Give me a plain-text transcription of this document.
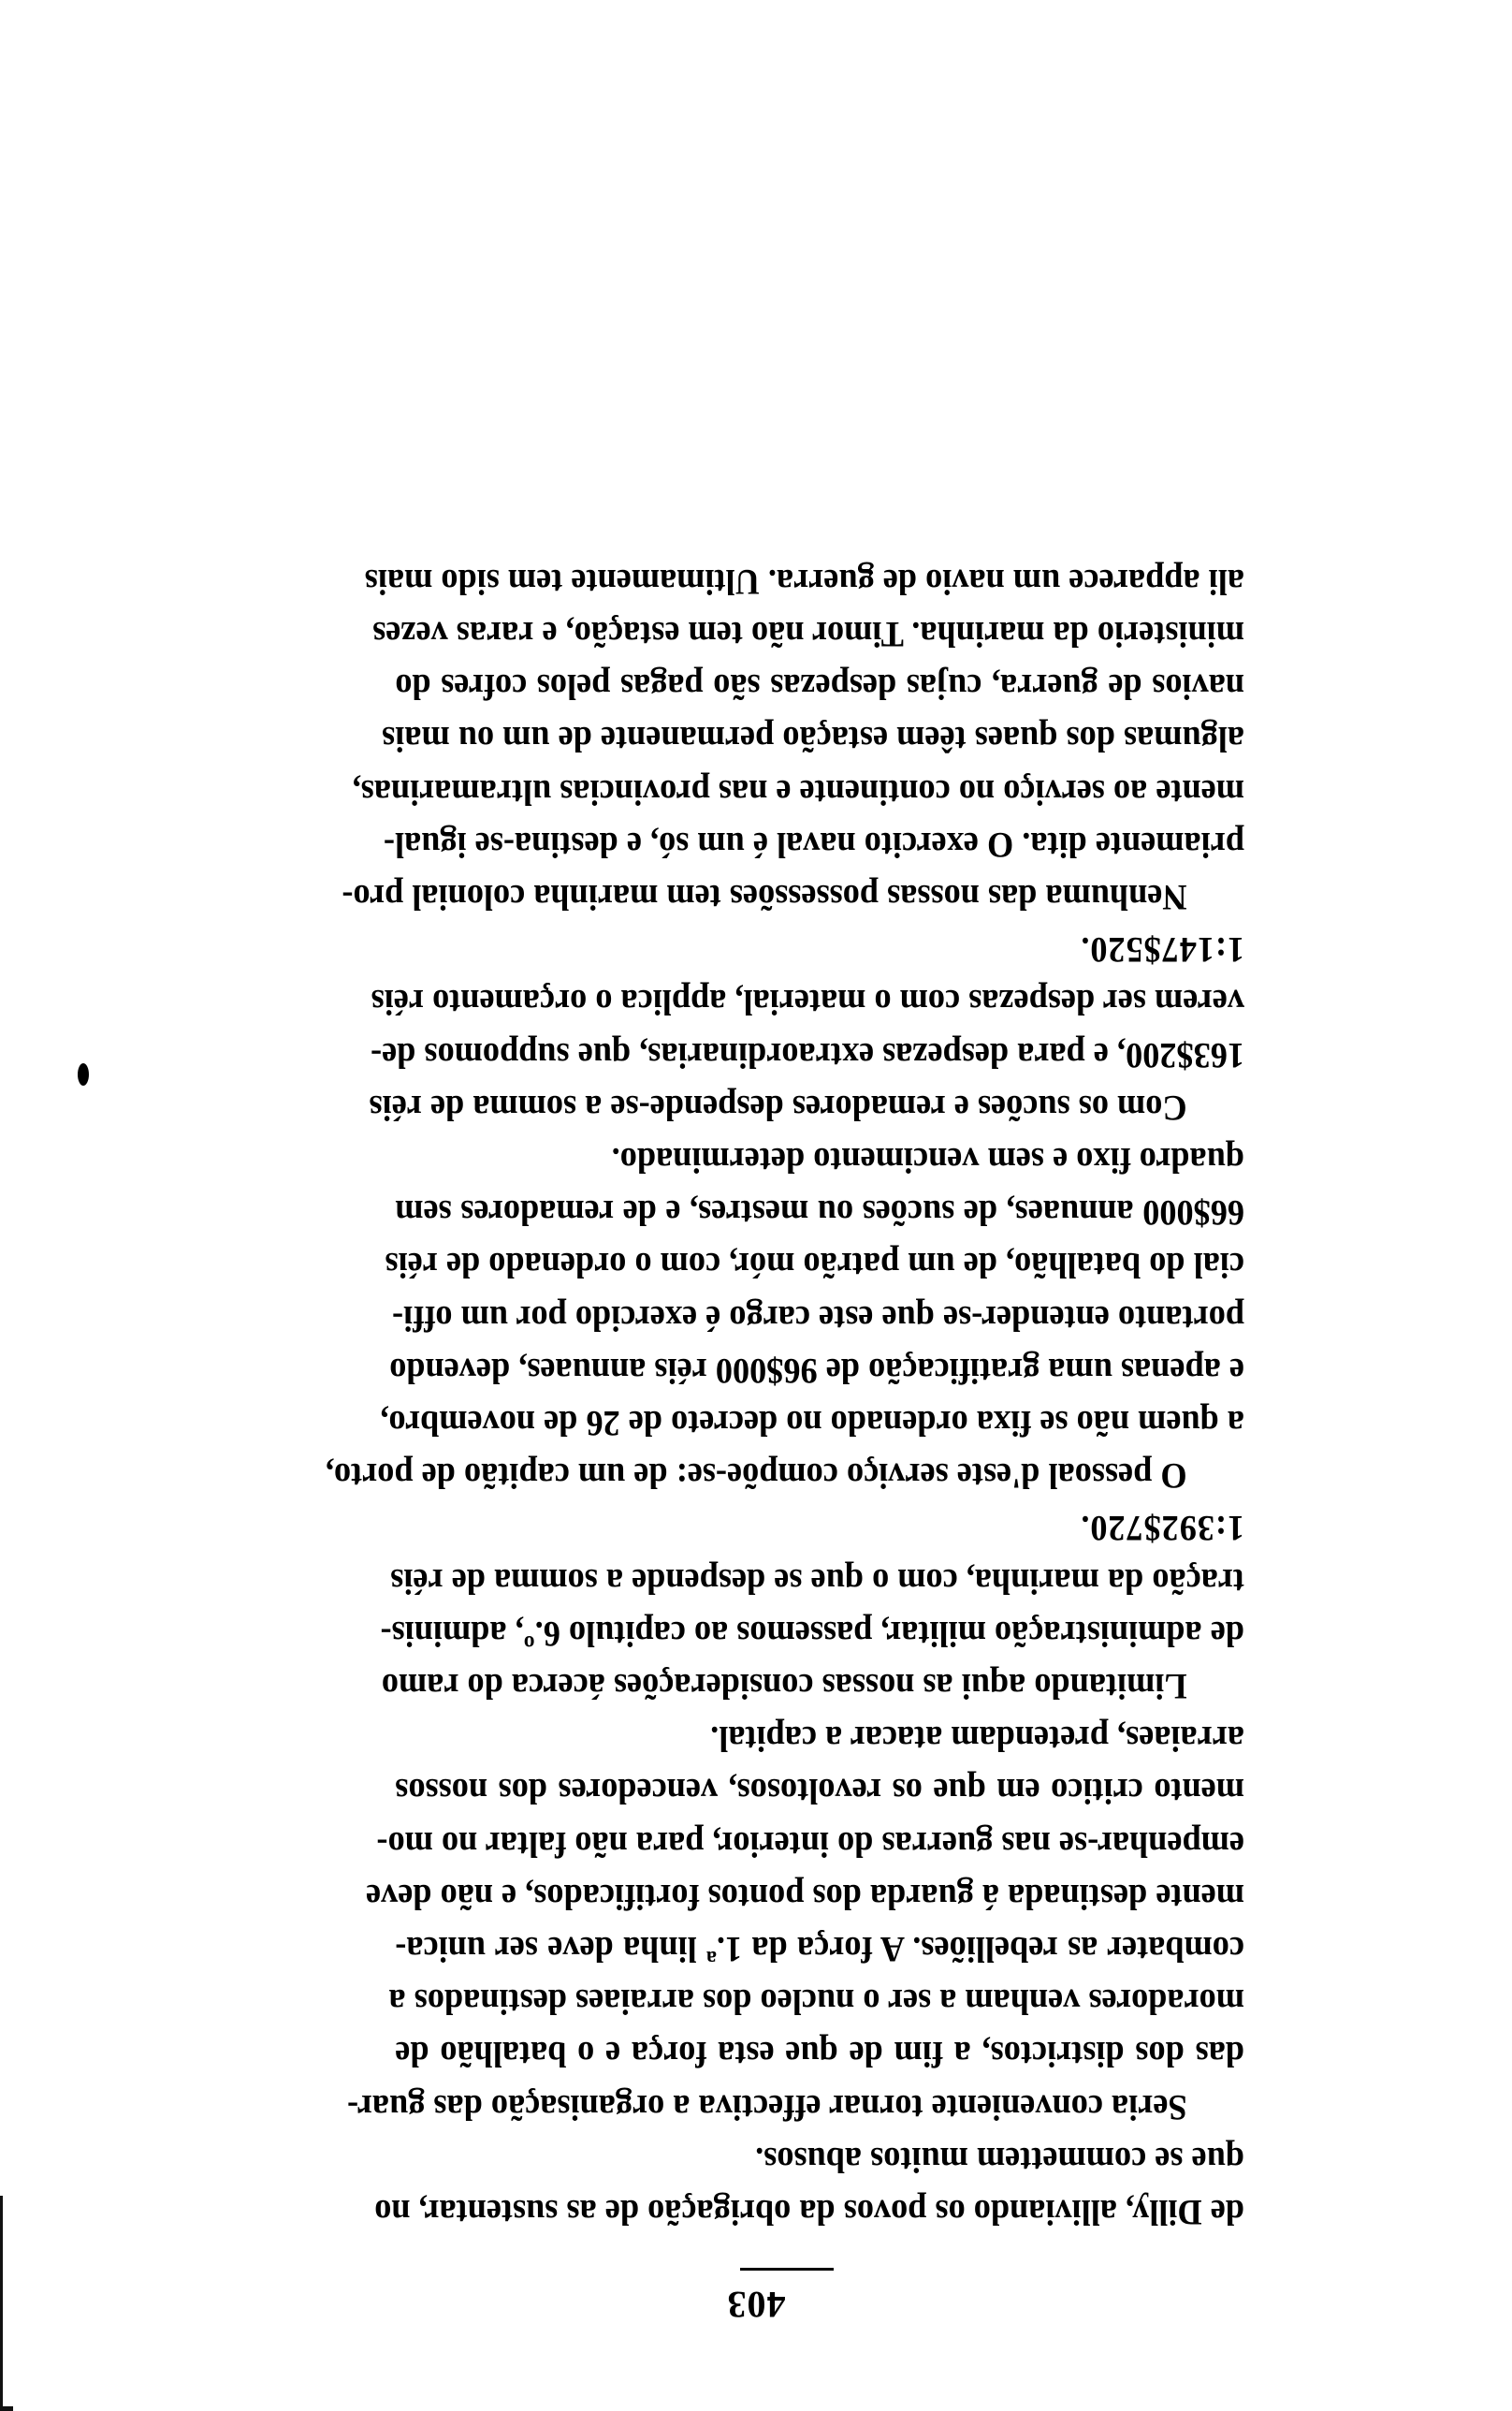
403
de Dilly, alliviando os povos da obrigação de as sustentar, no
que se commettem muitos abusos.
Seria conveniente tornar effectiva a organisação das guar-
das dos districtos, a fim de que esta força e o batalhão de
moradores venham a ser o nucleo dos arraiaes destinados a
combater as rebelliões. A força da 1.ª linha deve ser unica-
mente destinada á guarda dos pontos fortificados, e não deve
empenhar-se nas guerras do interior, para não faltar no mo-
mento critico em que os revoltosos, vencedores dos nossos
arraiaes, pretendam atacar a capital.
Limitando aqui as nossas considerações ácerca do ramo
de administração militar, passemos ao capitulo 6.º, adminis-
tração da marinha, com o que se despende a somma de réis
1:392$720.
O pessoal d'este serviço compõe-se: de um capitão de porto,
a quem não se fixa ordenado no decreto de 26 de novembro,
e apenas uma gratificação de 96$000 réis annuaes, devendo
portanto entender-se que este cargo é exercido por um offi-
cial do batalhão, de um patrão mór, com o ordenado de réis
66$000 annuaes, de sucões ou mestres, e de remadores sem
quadro fixo e sem vencimento determinado.
Com os sucões e remadores despende-se a somma de réis
163$200, e para despezas extraordinarias, que suppomos de-
verem ser despezas com o material, applica o orçamento réis
1:147$520.
Nenhuma das nossas possessões tem marinha colonial pro-
priamente dita. O exercito naval é um só, e destina-se igual-
mente ao serviço no continente e nas provincias ultramarinas,
algumas dos quaes têem estação permanente de um ou mais
navios de guerra, cujas despezas são pagas pelos cofres do
ministerio da marinha. Timor não tem estação, e raras vezes
ali apparece um navio de guerra. Ultimamente tem sido mais
